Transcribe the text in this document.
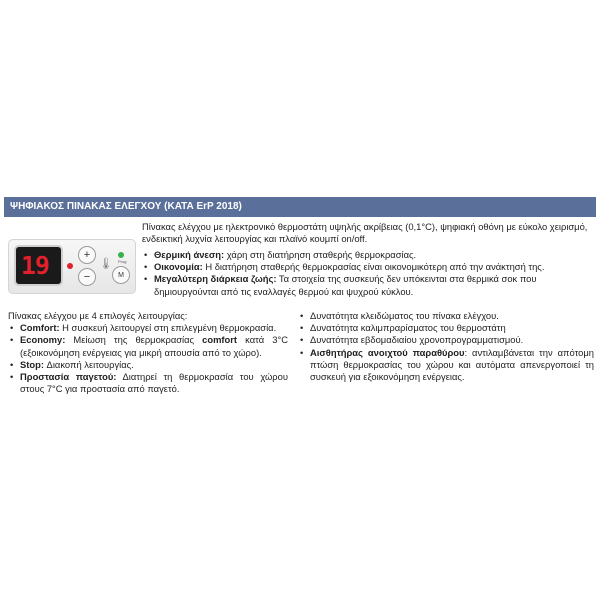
ΨΗΦΙΑΚΟΣ ΠΙΝΑΚΑΣ ΕΛΕΓΧΟΥ (ΚΑΤΑ ErP 2018)
19	+
−
🌡 Prog
M
Πίνακας ελέγχου με ηλεκτρονικό θερμοστάτη υψηλής ακρίβειας (0,1°C), ψηφιακή οθόνη με εύκολο χειρισμό, ενδεικτική λυχνία λειτουργίας και πλαϊνό κουμπί on/off.
• Θερμική άνεση: χάρη στη διατήρηση σταθερής θερμοκρασίας.
• Οικονομία: Η διατήρηση σταθερής θερμοκρασίας είναι οικονομικότερη από την ανάκτησή της.
• Μεγαλύτερη διάρκεια ζωής: Τα στοιχεία της συσκευής δεν υπόκεινται στα θερμικά σοκ που δημιουργούνται από τις εναλλαγές θερμού και ψυχρού κύκλου.
Πίνακας ελέγχου με 4 επιλογές λειτουργίας:
• Comfort: Η συσκευή λειτουργεί στη επιλεγμένη θερμοκρασία.
• Economy: Μείωση της θερμοκρασίας comfort κατά 3°C (εξοικονόμηση ενέργειας για μικρή απουσία από το χώρο).
• Stop: Διακοπή λειτουργίας.
• Προστασία παγετού: Διατηρεί τη θερμοκρασία του χώρου στους 7°C για προστασία από παγετό.
• Δυνατότητα κλειδώματος του πίνακα ελέγχου.
• Δυνατότητα καλιμπραρίσματος του θερμοστάτη
• Δυνατότητα εβδομαδιαίου χρονοπρογραμματισμού.
• Αισθητήρας ανοιχτού παραθύρου: αντιλαμβάνεται την απότομη πτώση θερμοκρασίας του χώρου και αυτόματα απενεργοποιεί τη συσκευή για εξοικονόμηση ενέργειας.
